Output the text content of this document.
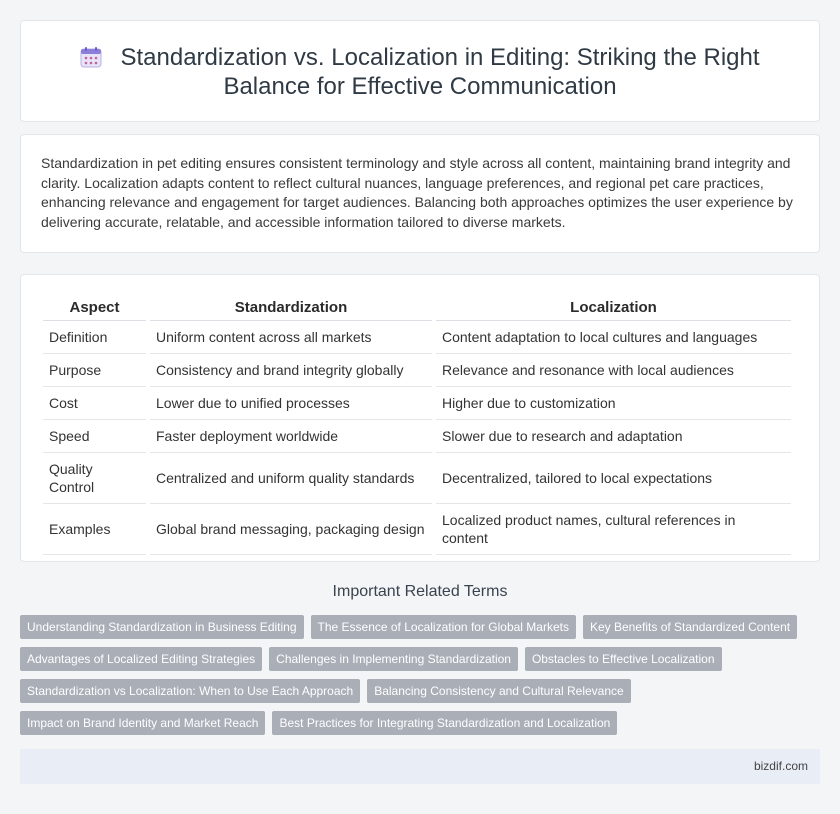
Standardization vs. Localization in Editing: Striking the Right Balance for Effective Communication

Standardization in pet editing ensures consistent terminology and style across all content, maintaining brand integrity and clarity. Localization adapts content to reflect cultural nuances, language preferences, and regional pet care practices, enhancing relevance and engagement for target audiences. Balancing both approaches optimizes the user experience by delivering accurate, relatable, and accessible information tailored to diverse markets.

Aspect	Standardization	Localization
Definition	Uniform content across all markets	Content adaptation to local cultures and languages
Purpose	Consistency and brand integrity globally	Relevance and resonance with local audiences
Cost	Lower due to unified processes	Higher due to customization
Speed	Faster deployment worldwide	Slower due to research and adaptation
Quality Control	Centralized and uniform quality standards	Decentralized, tailored to local expectations
Examples	Global brand messaging, packaging design	Localized product names, cultural references in content
Important Related Terms
Understanding Standardization in Business Editing	The Essence of Localization for Global Markets	Key Benefits of Standardized Content
Advantages of Localized Editing Strategies	Challenges in Implementing Standardization	Obstacles to Effective Localization
Standardization vs Localization: When to Use Each Approach	Balancing Consistency and Cultural Relevance
Impact on Brand Identity and Market Reach	Best Practices for Integrating Standardization and Localization
bizdif.com
